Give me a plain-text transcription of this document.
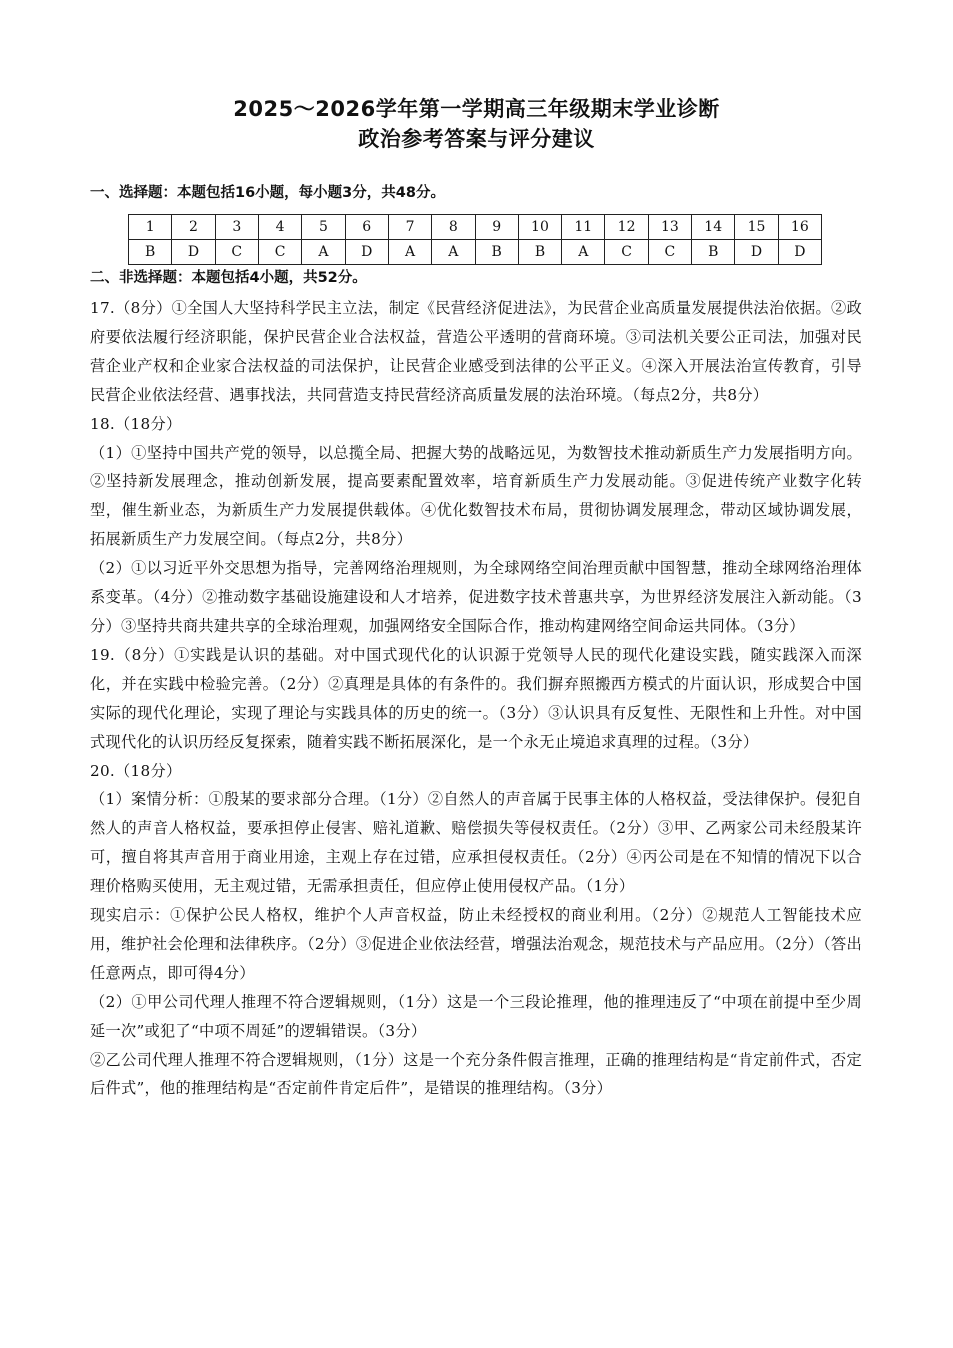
2025～2026学年第一学期高三年级期末学业诊断
政治参考答案与评分建议
一、选择题：本题包括16小题，每小题3分，共48分。
1	2	3	4	5	6	7	8	9	10	11	12	13	14	15	16
B	D	C	C	A	D	A	A	B	B	A	C	C	B	D	D
二、非选择题：本题包括4小题，共52分。

17.（8分）①全国人大坚持科学民主立法，制定《民营经济促进法》，为民营企业高质量发展提供法治依据。②政府要依法履行经济职能，保护民营企业合法权益，营造公平透明的营商环境。③司法机关要公正司法，加强对民营企业产权和企业家合法权益的司法保护，让民营企业感受到法律的公平正义。④深入开展法治宣传教育，引导民营企业依法经营、遇事找法，共同营造支持民营经济高质量发展的法治环境。（每点2分，共8分）

18.（18分）

（1）①坚持中国共产党的领导，以总揽全局、把握大势的战略远见，为数智技术推动新质生产力发展指明方向。②坚持新发展理念，推动创新发展，提高要素配置效率，培育新质生产力发展动能。③促进传统产业数字化转型，催生新业态，为新质生产力发展提供载体。④优化数智技术布局，贯彻协调发展理念，带动区域协调发展，拓展新质生产力发展空间。（每点2分，共8分）

（2）①以习近平外交思想为指导，完善网络治理规则，为全球网络空间治理贡献中国智慧，推动全球网络治理体系变革。（4分）②推动数字基础设施建设和人才培养，促进数字技术普惠共享，为世界经济发展注入新动能。（3分）③坚持共商共建共享的全球治理观，加强网络安全国际合作，推动构建网络空间命运共同体。（3分）

19.（8分）①实践是认识的基础。对中国式现代化的认识源于党领导人民的现代化建设实践，随实践深入而深化，并在实践中检验完善。（2分）②真理是具体的有条件的。我们摒弃照搬西方模式的片面认识，形成契合中国实际的现代化理论，实现了理论与实践具体的历史的统一。（3分）③认识具有反复性、无限性和上升性。对中国式现代化的认识历经反复探索，随着实践不断拓展深化，是一个永无止境追求真理的过程。（3分）

20.（18分）

（1）案情分析：①殷某的要求部分合理。（1分）②自然人的声音属于民事主体的人格权益，受法律保护。侵犯自然人的声音人格权益，要承担停止侵害、赔礼道歉、赔偿损失等侵权责任。（2分）③甲、乙两家公司未经殷某许可，擅自将其声音用于商业用途，主观上存在过错，应承担侵权责任。（2分）④丙公司是在不知情的情况下以合理价格购买使用，无主观过错，无需承担责任，但应停止使用侵权产品。（1分）

现实启示：①保护公民人格权，维护个人声音权益，防止未经授权的商业利用。（2分）②规范人工智能技术应用，维护社会伦理和法律秩序。（2分）③促进企业依法经营，增强法治观念，规范技术与产品应用。（2分）（答出任意两点，即可得4分）

（2）①甲公司代理人推理不符合逻辑规则，（1分）这是一个三段论推理，他的推理违反了“中项在前提中至少周延一次”或犯了“中项不周延”的逻辑错误。（3分）

②乙公司代理人推理不符合逻辑规则，（1分）这是一个充分条件假言推理，正确的推理结构是“肯定前件式，否定后件式”，他的推理结构是“否定前件肯定后件”，是错误的推理结构。（3分）
